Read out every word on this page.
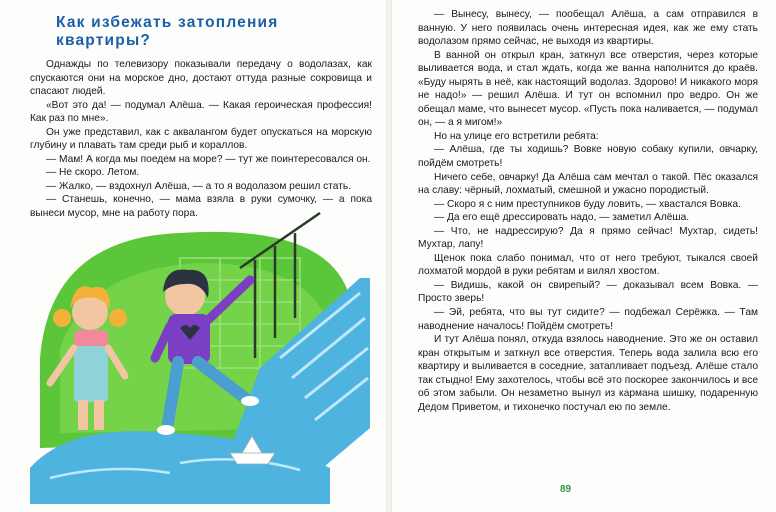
Как избежать затопления квартиры?

Однажды по телевизору показывали передачу о водолазах, как спускаются они на морское дно, достают оттуда разные сокровища и спасают людей.

«Вот это да! — подумал Алёша. — Какая героическая профессия! Как раз по мне».

Он уже представил, как с аквалангом будет опускаться на морскую глубину и плавать там среди рыб и кораллов.

— Мам! А когда мы поедем на море? — тут же поинтересовался он.

— Не скоро. Летом.

— Жалко, — вздохнул Алёша, — а то я водолазом решил стать.

— Станешь, конечно, — мама взяла в руки сумочку, — а пока вынеси мусор, мне на работу пора.

— Вынесу, вынесу, — пообещал Алёша, а сам отправился в ванную. У него появилась очень интересная идея, как же ему стать водолазом прямо сейчас, не выходя из квартиры.

В ванной он открыл кран, заткнул все отверстия, через которые выливается вода, и стал ждать, когда же ванна наполнится до краёв. «Буду нырять в неё, как настоящий водолаз. Здорово! И никакого моря не надо!» — решил Алёша. И тут он вспомнил про ведро. Он же обещал маме, что вынесет мусор. «Пусть пока наливается, — подумал он, — а я мигом!»

Но на улице его встретили ребята:

— Алёша, где ты ходишь? Вовке новую собаку купили, овчарку, пойдём смотреть!

Ничего себе, овчарку! Да Алёша сам мечтал о такой. Пёс оказался на славу: чёрный, лохматый, смешной и ужасно породистый.

— Скоро я с ним преступников буду ловить, — хвастался Вовка.

— Да его ещё дрессировать надо, — заметил Алёша.

— Что, не надрессирую? Да я прямо сейчас! Мухтар, сидеть! Мухтар, лапу!

Щенок пока слабо понимал, что от него требуют, тыкался своей лохматой мордой в руки ребятам и вилял хвостом.

— Видишь, какой он свирепый? — доказывал всем Вовка. — Просто зверь!

— Эй, ребята, что вы тут сидите? — подбежал Серёжка. — Там наводнение началось! Пойдём смотреть!

И тут Алёша понял, откуда взялось наводнение. Это же он оставил кран открытым и заткнул все отверстия. Теперь вода залила всю его квартиру и выливается в соседние, затапливает подъезд. Алёше стало так стыдно! Ему захотелось, чтобы всё это поскорее закончилось и все об этом забыли. Он незаметно вынул из кармана шишку, подаренную Дедом Приветом, и тихонечко постучал ею по земле.

89
